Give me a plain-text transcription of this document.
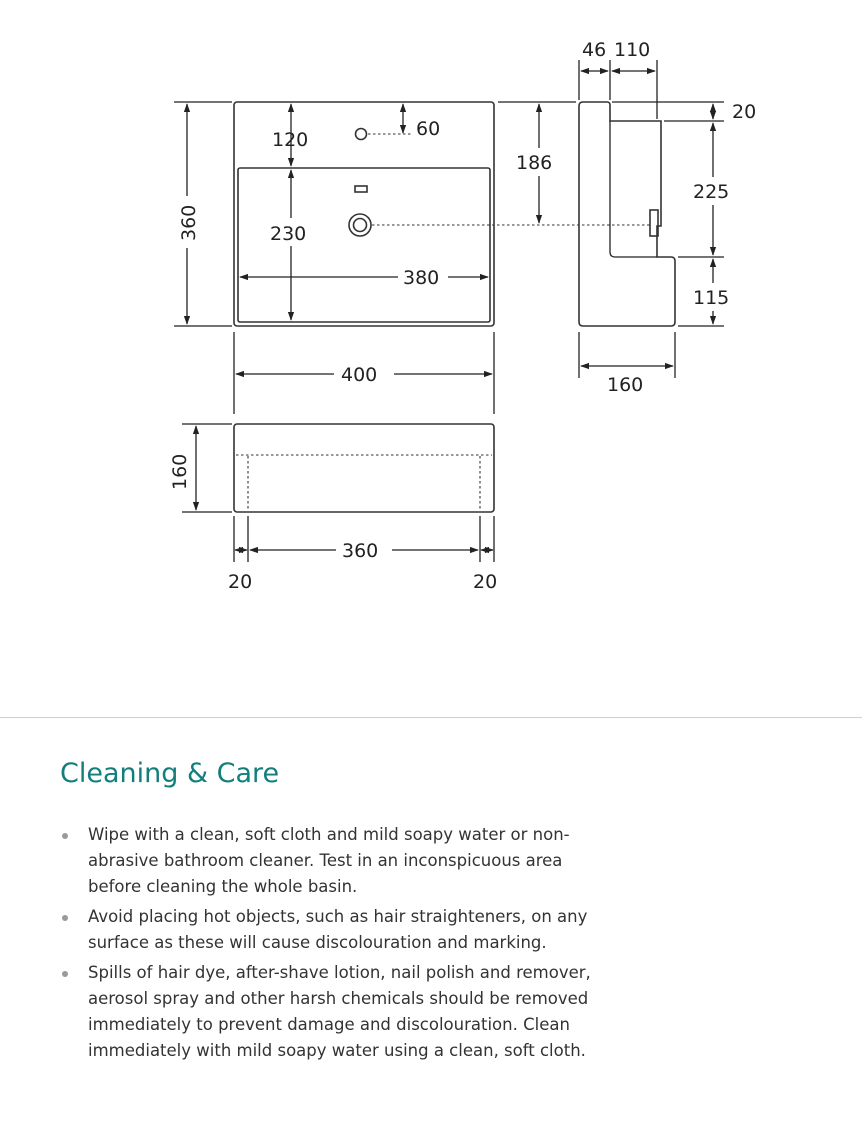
120	60
230
380
360
186
400
46 110
20
225
115
160
160
360
20	20
Cleaning & Care
Wipe with a clean, soft cloth and mild soapy water or non-
abrasive bathroom cleaner. Test in an inconspicuous area
before cleaning the whole basin.
Avoid placing hot objects, such as hair straighteners, on any
surface as these will cause discolouration and marking.
Spills of hair dye, after-shave lotion, nail polish and remover,
aerosol spray and other harsh chemicals should be removed
immediately to prevent damage and discolouration. Clean
immediately with mild soapy water using a clean, soft cloth.
